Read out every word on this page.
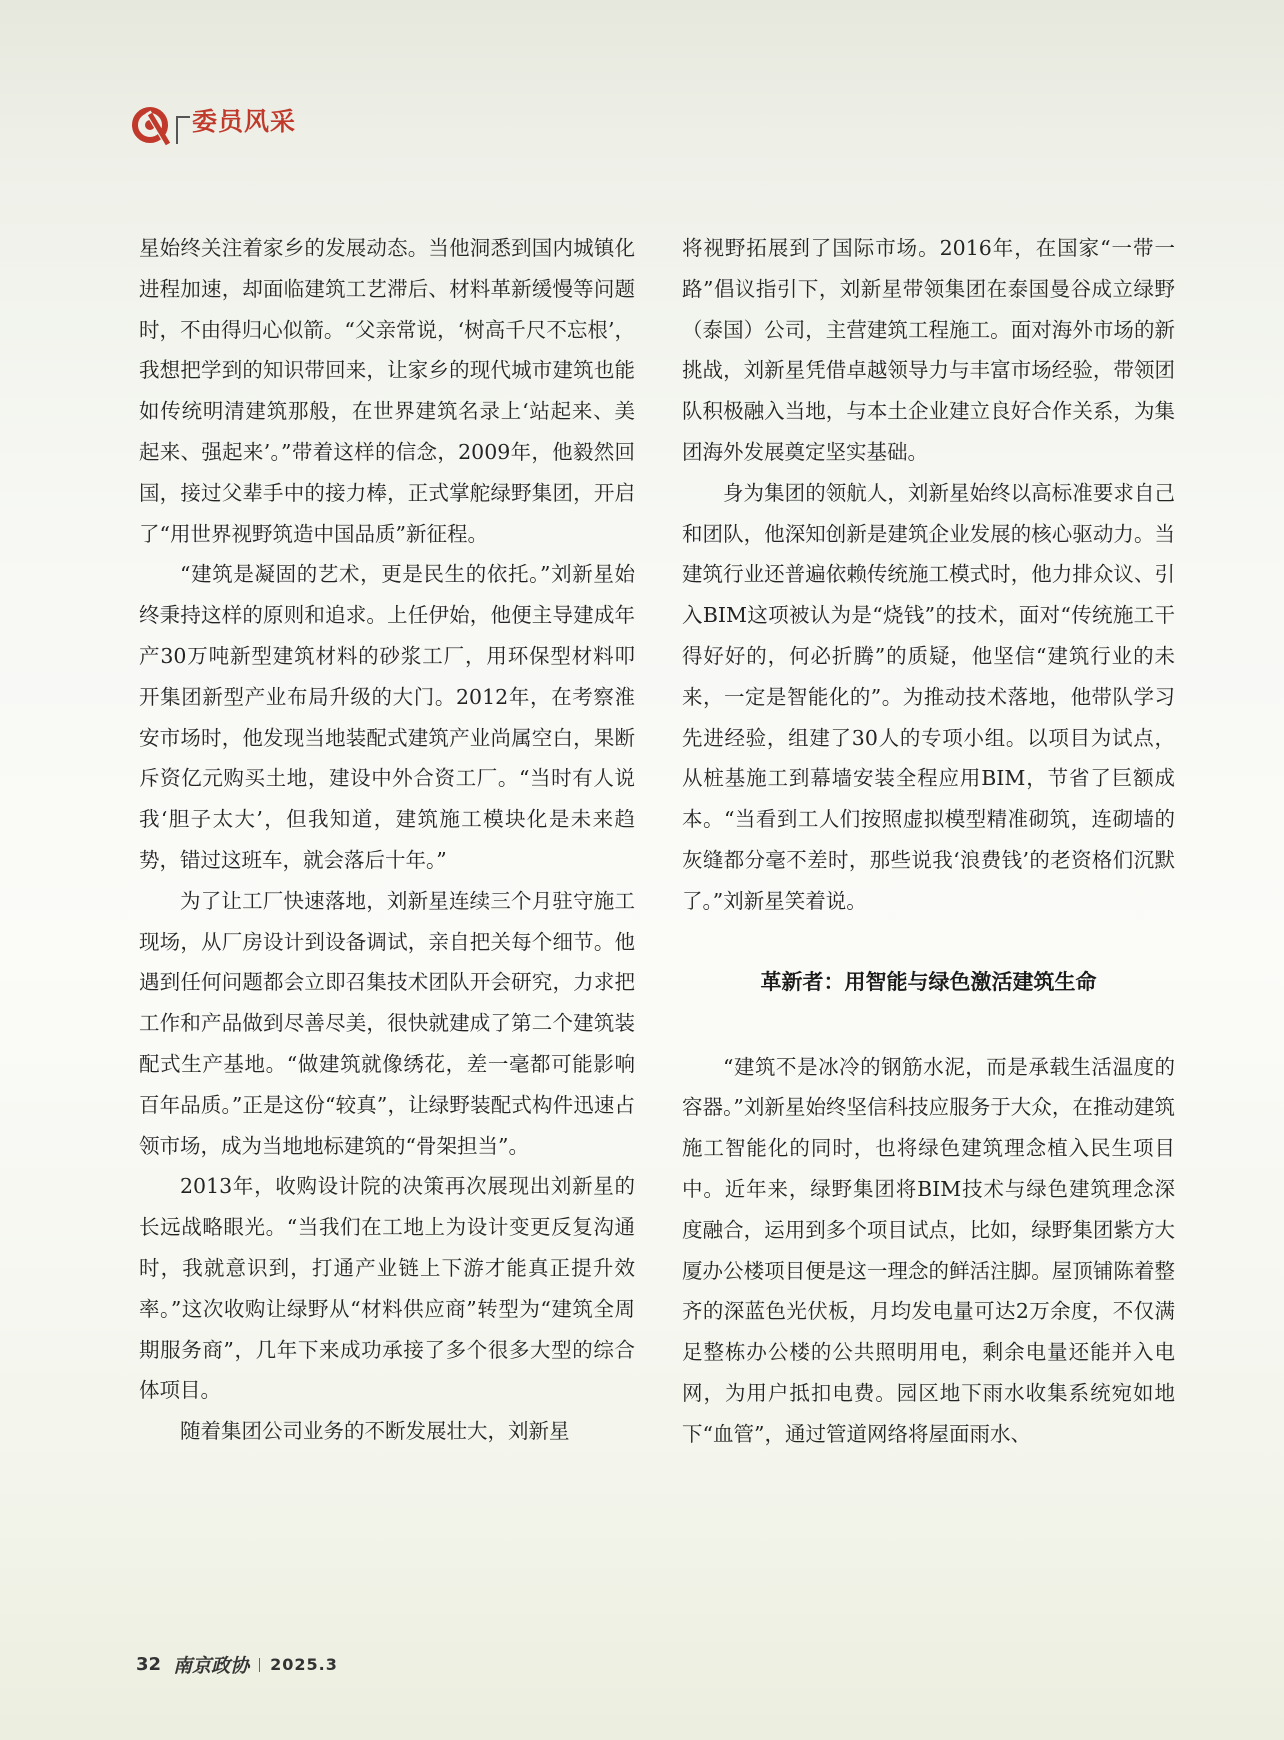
委员风采

星始终关注着家乡的发展动态。当他洞悉到国内城镇化进程加速，却面临建筑工艺滞后、材料革新缓慢等问题时，不由得归心似箭。“父亲常说，‘树高千尺不忘根’，我想把学到的知识带回来，让家乡的现代城市建筑也能如传统明清建筑那般，在世界建筑名录上‘站起来、美起来、强起来’。”带着这样的信念，2009年，他毅然回国，接过父辈手中的接力棒，正式掌舵绿野集团，开启了“用世界视野筑造中国品质”新征程。

“建筑是凝固的艺术，更是民生的依托。”刘新星始终秉持这样的原则和追求。上任伊始，他便主导建成年产30万吨新型建筑材料的砂浆工厂，用环保型材料叩开集团新型产业布局升级的大门。2012年，在考察淮安市场时，他发现当地装配式建筑产业尚属空白，果断斥资亿元购买土地，建设中外合资工厂。“当时有人说我‘胆子太大’，但我知道，建筑施工模块化是未来趋势，错过这班车，就会落后十年。”

为了让工厂快速落地，刘新星连续三个月驻守施工现场，从厂房设计到设备调试，亲自把关每个细节。他遇到任何问题都会立即召集技术团队开会研究，力求把工作和产品做到尽善尽美，很快就建成了第二个建筑装配式生产基地。“做建筑就像绣花，差一毫都可能影响百年品质。”正是这份“较真”，让绿野装配式构件迅速占领市场，成为当地地标建筑的“骨架担当”。

2013年，收购设计院的决策再次展现出刘新星的长远战略眼光。“当我们在工地上为设计变更反复沟通时，我就意识到，打通产业链上下游才能真正提升效率。”这次收购让绿野从“材料供应商”转型为“建筑全周期服务商”，几年下来成功承接了多个很多大型的综合体项目。

随着集团公司业务的不断发展壮大，刘新星

将视野拓展到了国际市场。2016年，在国家“一带一路”倡议指引下，刘新星带领集团在泰国曼谷成立绿野（泰国）公司，主营建筑工程施工。面对海外市场的新挑战，刘新星凭借卓越领导力与丰富市场经验，带领团队积极融入当地，与本土企业建立良好合作关系，为集团海外发展奠定坚实基础。

身为集团的领航人，刘新星始终以高标准要求自己和团队，他深知创新是建筑企业发展的核心驱动力。当建筑行业还普遍依赖传统施工模式时，他力排众议、引入BIM这项被认为是“烧钱”的技术，面对“传统施工干得好好的，何必折腾”的质疑，他坚信“建筑行业的未来，一定是智能化的”。为推动技术落地，他带队学习先进经验，组建了30人的专项小组。以项目为试点，从桩基施工到幕墙安装全程应用BIM，节省了巨额成本。“当看到工人们按照虚拟模型精准砌筑，连砌墙的灰缝都分毫不差时，那些说我‘浪费钱’的老资格们沉默了。”刘新星笑着说。

革新者：用智能与绿色激活建筑生命

“建筑不是冰冷的钢筋水泥，而是承载生活温度的容器。”刘新星始终坚信科技应服务于大众，在推动建筑施工智能化的同时，也将绿色建筑理念植入民生项目中。近年来，绿野集团将BIM技术与绿色建筑理念深度融合，运用到多个项目试点，比如，绿野集团紫方大厦办公楼项目便是这一理念的鲜活注脚。屋顶铺陈着整齐的深蓝色光伏板，月均发电量可达2万余度，不仅满足整栋办公楼的公共照明用电，剩余电量还能并入电网，为用户抵扣电费。园区地下雨水收集系统宛如地下“血管”，通过管道网络将屋面雨水、

32 南京政协 2025.3
